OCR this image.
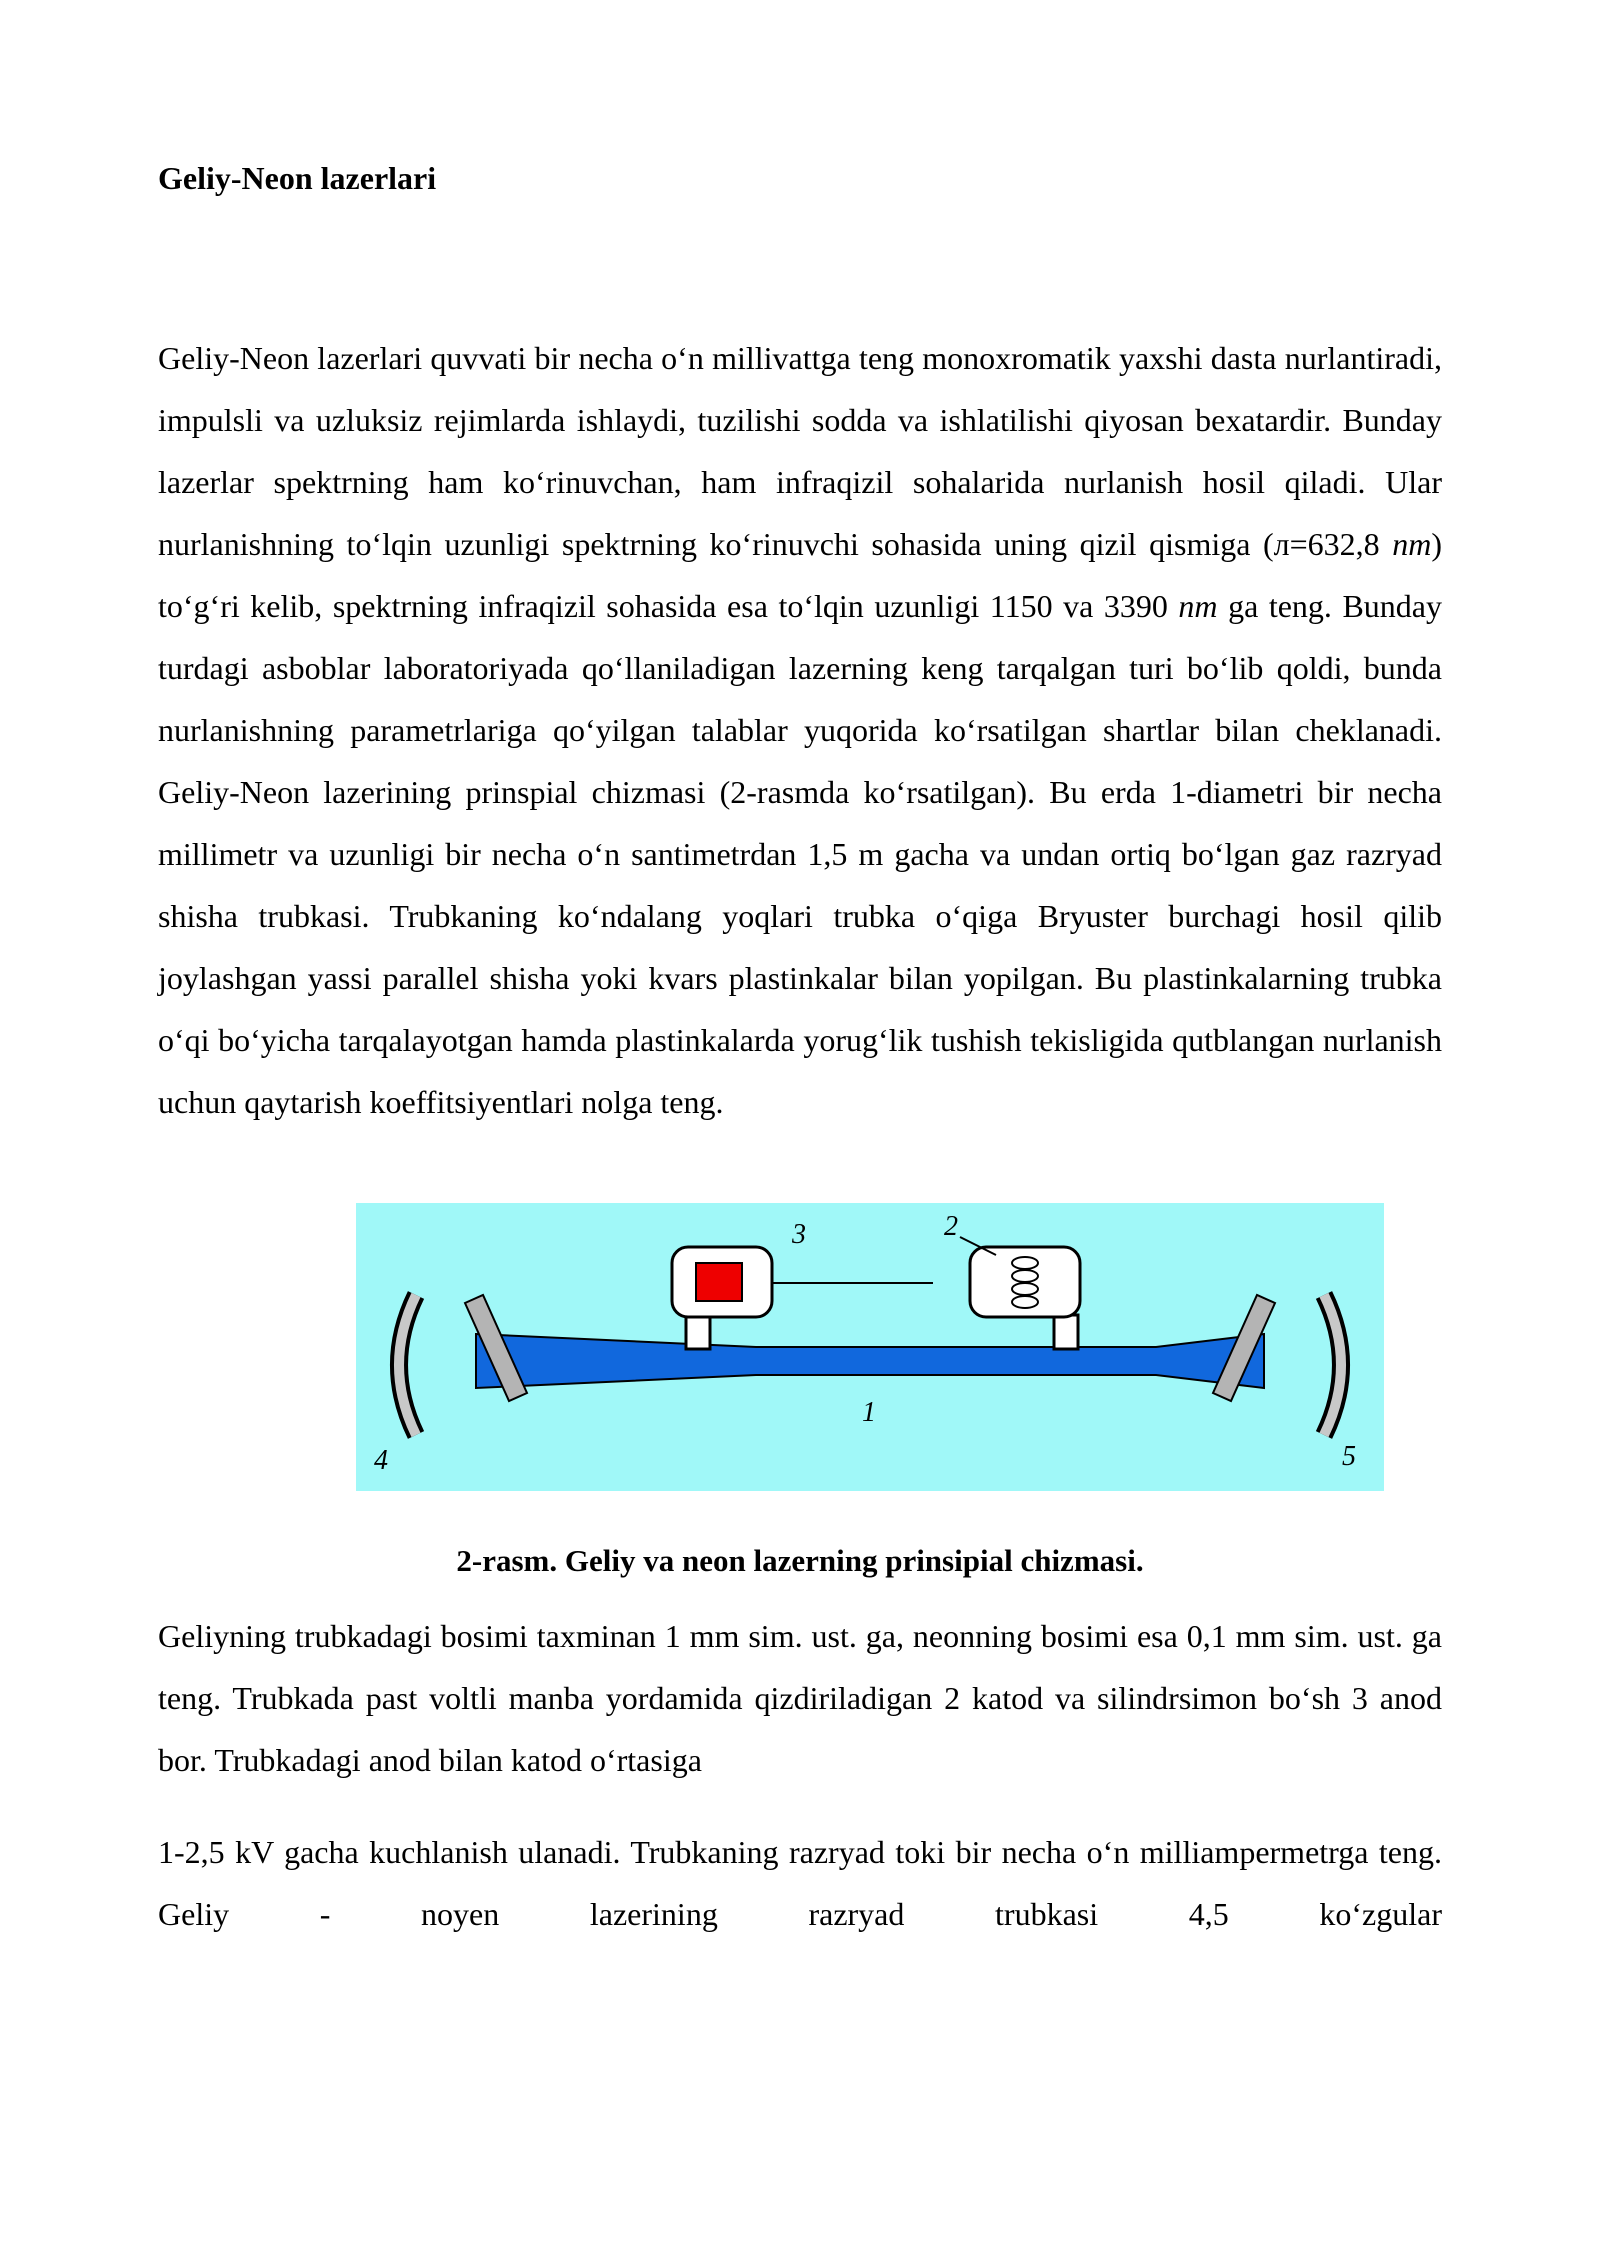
Geliy-Neon lazerlari

Geliy-Neon lazerlari quvvati bir necha o‘n millivattga teng monoxromatik yaxshi dasta nurlantiradi, impulsli va uzluksiz rejimlarda ishlaydi, tuzilishi sodda va ishlatilishi qiyosan bexatardir. Bunday lazerlar spektrning ham ko‘rinuvchan, ham infraqizil sohalarida nurlanish hosil qiladi. Ular nurlanishning to‘lqin uzunligi spektrning ko‘rinuvchi sohasida uning qizil qismiga (л=632,8 nm) to‘g‘ri kelib, spektrning infraqizil sohasida esa to‘lqin uzunligi 1150 va 3390 nm ga teng. Bunday turdagi asboblar laboratoriyada qo‘llaniladigan lazerning keng tarqalgan turi bo‘lib qoldi, bunda nurlanishning parametrlariga qo‘yilgan talablar yuqorida ko‘rsatilgan shartlar bilan cheklanadi. Geliy-Neon lazerining prinspial chizmasi (2-rasmda ko‘rsatilgan). Bu erda 1-diametri bir necha millimetr va uzunligi bir necha o‘n santimetrdan 1,5 m gacha va undan ortiq bo‘lgan gaz razryad shisha trubkasi. Trubkaning ko‘ndalang yoqlari trubka o‘qiga Bryuster burchagi hosil qilib joylashgan yassi parallel shisha yoki kvars plastinkalar bilan yopilgan. Bu plastinkalarning trubka o‘qi bo‘yicha tarqalayotgan hamda plastinkalarda yorug‘lik tushish tekisligida qutblangan nurlanish uchun qaytarish koeffitsiyentlari nolga teng.

1
2
3
4	5

2-rasm. Geliy va neon lazerning prinsipial chizmasi.

Geliyning trubkadagi bosimi taxminan 1 mm sim. ust. ga, neonning bosimi esa 0,1 mm sim. ust. ga teng. Trubkada past voltli manba yordamida qizdiriladigan 2 katod va silindrsimon bo‘sh 3 anod bor. Trubkadagi anod bilan katod o‘rtasiga

1-2,5 kV gacha kuchlanish ulanadi. Trubkaning razryad toki bir necha o‘n milliampermetrga teng. Geliy - noyen lazerining razryad trubkasi 4,5 ko‘zgular
